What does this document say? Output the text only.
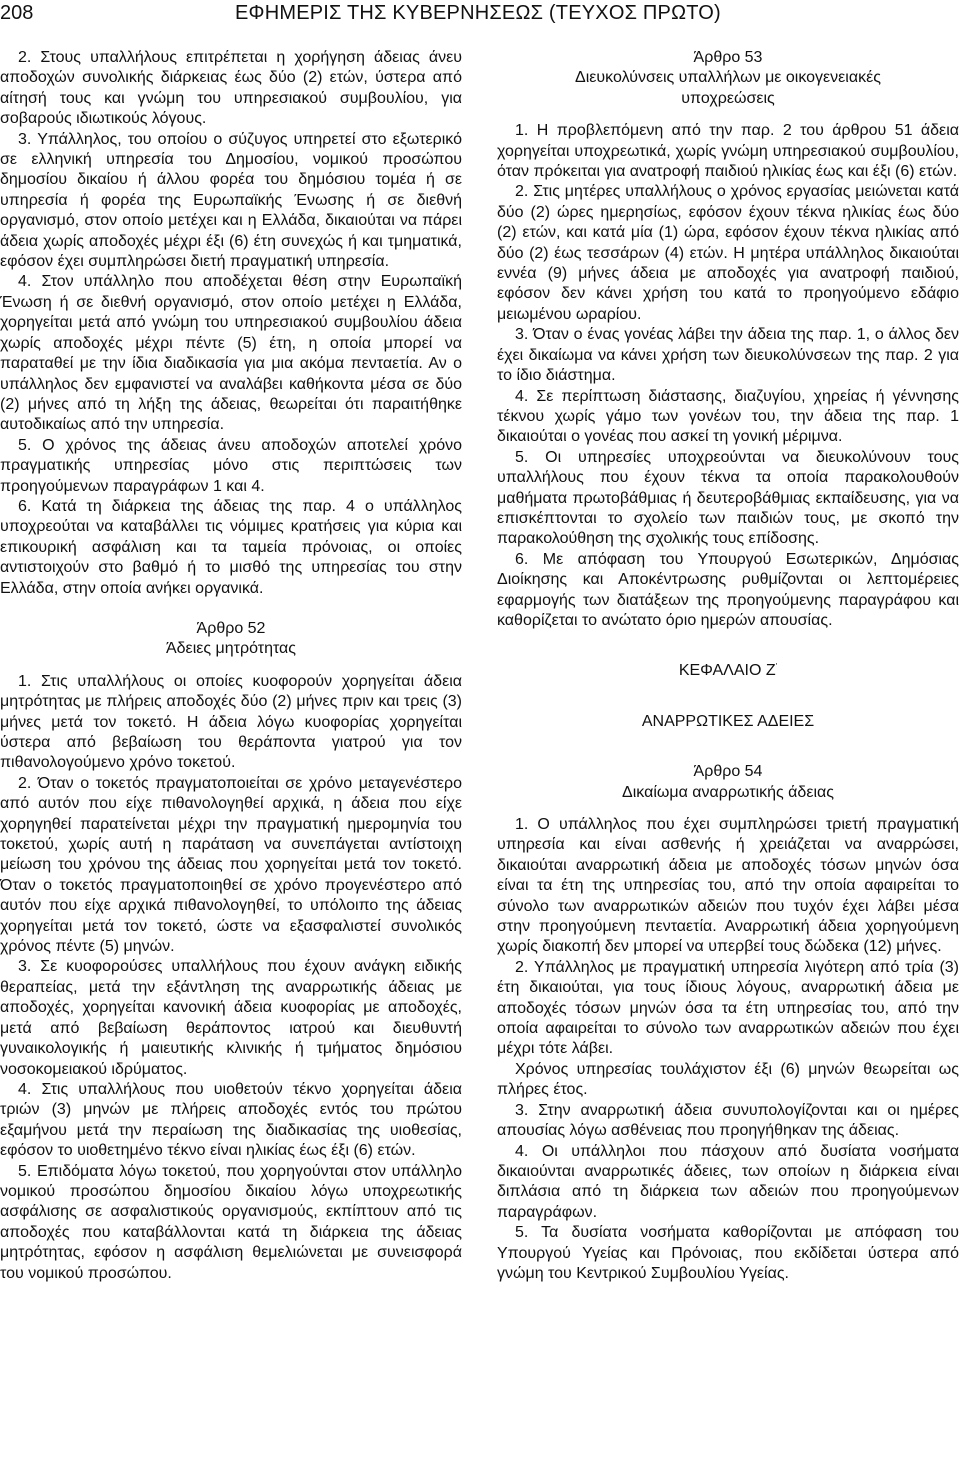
208	ΕΦΗΜΕΡΙΣ ΤΗΣ ΚΥΒΕΡΝΗΣΕΩΣ (ΤΕΥΧΟΣ ΠΡΩΤΟ)

2. Στους υπαλλήλους επιτρέπεται η χορήγηση άδειας άνευ αποδοχών συνολικής διάρκειας έως δύο (2) ετών, ύστερα από αίτησή τους και γνώμη του υπηρεσιακού συμβουλίου, για σοβαρούς ιδιωτικούς λόγους.

3. Υπάλληλος, του οποίου ο σύζυγος υπηρετεί στο εξωτερικό σε ελληνική υπηρεσία του Δημοσίου, νομικού προσώπου δημοσίου δικαίου ή άλλου φορέα του δημόσιου τομέα ή σε υπηρεσία ή φορέα της Ευρωπαϊκής Ένωσης ή σε διεθνή οργανισμό, στον οποίο μετέχει και η Ελλάδα, δικαιούται να πάρει άδεια χωρίς αποδοχές μέχρι έξι (6) έτη συνεχώς ή και τμηματικά, εφόσον έχει συμπληρώσει διετή πραγματική υπηρεσία.

4. Στον υπάλληλο που αποδέχεται θέση στην Ευρωπαϊκή Ένωση ή σε διεθνή οργανισμό, στον οποίο μετέχει η Ελλάδα, χορηγείται μετά από γνώμη του υπηρεσιακού συμβουλίου άδεια χωρίς αποδοχές μέχρι πέντε (5) έτη, η οποία μπορεί να παραταθεί με την ίδια διαδικασία για μια ακόμα πενταετία. Αν ο υπάλληλος δεν εμφανιστεί να αναλάβει καθήκοντα μέσα σε δύο (2) μήνες από τη λήξη της άδειας, θεωρείται ότι παραιτήθηκε αυτοδικαίως από την υπηρεσία.

5. Ο χρόνος της άδειας άνευ αποδοχών αποτελεί χρόνο πραγματικής υπηρεσίας μόνο στις περιπτώσεις των προηγούμενων παραγράφων 1 και 4.

6. Κατά τη διάρκεια της άδειας της παρ. 4 ο υπάλληλος υποχρεούται να καταβάλλει τις νόμιμες κρατήσεις για κύρια και επικουρική ασφάλιση και τα ταμεία πρόνοιας, οι οποίες αντιστοιχούν στο βαθμό ή το μισθό της υπηρεσίας του στην Ελλάδα, στην οποία ανήκει οργανικά.

Άρθρο 52

Άδειες μητρότητας

1. Στις υπαλλήλους οι οποίες κυοφορούν χορηγείται άδεια μητρότητας με πλήρεις αποδοχές δύο (2) μήνες πριν και τρεις (3) μήνες μετά τον τοκετό. Η άδεια λόγω κυοφορίας χορηγείται ύστερα από βεβαίωση του θεράποντα γιατρού για τον πιθανολογούμενο χρόνο τοκετού.

2. Όταν ο τοκετός πραγματοποιείται σε χρόνο μεταγενέστερο από αυτόν που είχε πιθανολογηθεί αρχικά, η άδεια που είχε χορηγηθεί παρατείνεται μέχρι την πραγματική ημερομηνία του τοκετού, χωρίς αυτή η παράταση να συνεπάγεται αντίστοιχη μείωση του χρόνου της άδειας που χορηγείται μετά τον τοκετό. Όταν ο τοκετός πραγματοποιηθεί σε χρόνο προγενέστερο από αυτόν που είχε αρχικά πιθανολογηθεί, το υπόλοιπο της άδειας χορηγείται μετά τον τοκετό, ώστε να εξασφαλιστεί συνολικός χρόνος πέντε (5) μηνών.

3. Σε κυοφορούσες υπαλλήλους που έχουν ανάγκη ειδικής θεραπείας, μετά την εξάντληση της αναρρωτικής άδειας με αποδοχές, χορηγείται κανονική άδεια κυοφορίας με αποδοχές, μετά από βεβαίωση θεράποντος ιατρού και διευθυντή γυναικολογικής ή μαιευτικής κλινικής ή τμήματος δημόσιου νοσοκομειακού ιδρύματος.

4. Στις υπαλλήλους που υιοθετούν τέκνο χορηγείται άδεια τριών (3) μηνών με πλήρεις αποδοχές εντός του πρώτου εξαμήνου μετά την περαίωση της διαδικασίας της υιοθεσίας, εφόσον το υιοθετημένο τέκνο είναι ηλικίας έως έξι (6) ετών.

5. Επιδόματα λόγω τοκετού, που χορηγούνται στον υπάλληλο νομικού προσώπου δημοσίου δικαίου λόγω υποχρεωτικής ασφάλισης σε ασφαλιστικούς οργανισμούς, εκπίπτουν από τις αποδοχές που καταβάλλονται κατά τη διάρκεια της άδειας μητρότητας, εφόσον η ασφάλιση θεμελιώνεται με συνεισφορά του νομικού προσώπου.

Άρθρο 53

Διευκολύνσεις υπαλλήλων με οικογενειακές υποχρεώσεις

1. Η προβλεπόμενη από την παρ. 2 του άρθρου 51 άδεια χορηγείται υποχρεωτικά, χωρίς γνώμη υπηρεσιακού συμβουλίου, όταν πρόκειται για ανατροφή παιδιού ηλικίας έως και έξι (6) ετών.

2. Στις μητέρες υπαλλήλους ο χρόνος εργασίας μειώνεται κατά δύο (2) ώρες ημερησίως, εφόσον έχουν τέκνα ηλικίας έως δύο (2) ετών, και κατά μία (1) ώρα, εφόσον έχουν τέκνα ηλικίας από δύο (2) έως τεσσάρων (4) ετών. Η μητέρα υπάλληλος δικαιούται εννέα (9) μήνες άδεια με αποδοχές για ανατροφή παιδιού, εφόσον δεν κάνει χρήση του κατά το προηγούμενο εδάφιο μειωμένου ωραρίου.

3. Όταν ο ένας γονέας λάβει την άδεια της παρ. 1, ο άλλος δεν έχει δικαίωμα να κάνει χρήση των διευκολύνσεων της παρ. 2 για το ίδιο διάστημα.

4. Σε περίπτωση διάστασης, διαζυγίου, χηρείας ή γέννησης τέκνου χωρίς γάμο των γονέων του, την άδεια της παρ. 1 δικαιούται ο γονέας που ασκεί τη γονική μέριμνα.

5. Οι υπηρεσίες υποχρεούνται να διευκολύνουν τους υπαλλήλους που έχουν τέκνα τα οποία παρακολουθούν μαθήματα πρωτοβάθμιας ή δευτεροβάθμιας εκπαίδευσης, για να επισκέπτονται το σχολείο των παιδιών τους, με σκοπό την παρακολούθηση της σχολικής τους επίδοσης.

6. Με απόφαση του Υπουργού Εσωτερικών, Δημόσιας Διοίκησης και Αποκέντρωσης ρυθμίζονται οι λεπτομέρειες εφαρμογής των διατάξεων της προηγούμενης παραγράφου και καθορίζεται το ανώτατο όριο ημερών απουσίας.

ΚΕΦΑΛΑΙΟ Ζ'

ΑΝΑΡΡΩΤΙΚΕΣ ΑΔΕΙΕΣ

Άρθρο 54

Δικαίωμα αναρρωτικής άδειας

1. Ο υπάλληλος που έχει συμπληρώσει τριετή πραγματική υπηρεσία και είναι ασθενής ή χρειάζεται να αναρρώσει, δικαιούται αναρρωτική άδεια με αποδοχές τόσων μηνών όσα είναι τα έτη της υπηρεσίας του, από την οποία αφαιρείται το σύνολο των αναρρωτικών αδειών που τυχόν έχει λάβει μέσα στην προηγούμενη πενταετία. Αναρρωτική άδεια χορηγούμενη χωρίς διακοπή δεν μπορεί να υπερβεί τους δώδεκα (12) μήνες.

2. Υπάλληλος με πραγματική υπηρεσία λιγότερη από τρία (3) έτη δικαιούται, για τους ίδιους λόγους, αναρρωτική άδεια με αποδοχές τόσων μηνών όσα τα έτη υπηρεσίας του, από την οποία αφαιρείται το σύνολο των αναρρωτικών αδειών που έχει μέχρι τότε λάβει.

Χρόνος υπηρεσίας τουλάχιστον έξι (6) μηνών θεωρείται ως πλήρες έτος.

3. Στην αναρρωτική άδεια συνυπολογίζονται και οι ημέρες απουσίας λόγω ασθένειας που προηγήθηκαν της άδειας.

4. Οι υπάλληλοι που πάσχουν από δυσίατα νοσήματα δικαιούνται αναρρωτικές άδειες, των οποίων η διάρκεια είναι διπλάσια από τη διάρκεια των αδειών που προηγούμενων παραγράφων.

5. Τα δυσίατα νοσήματα καθορίζονται με απόφαση του Υπουργού Υγείας και Πρόνοιας, που εκδίδεται ύστερα από γνώμη του Κεντρικού Συμβουλίου Υγείας.
